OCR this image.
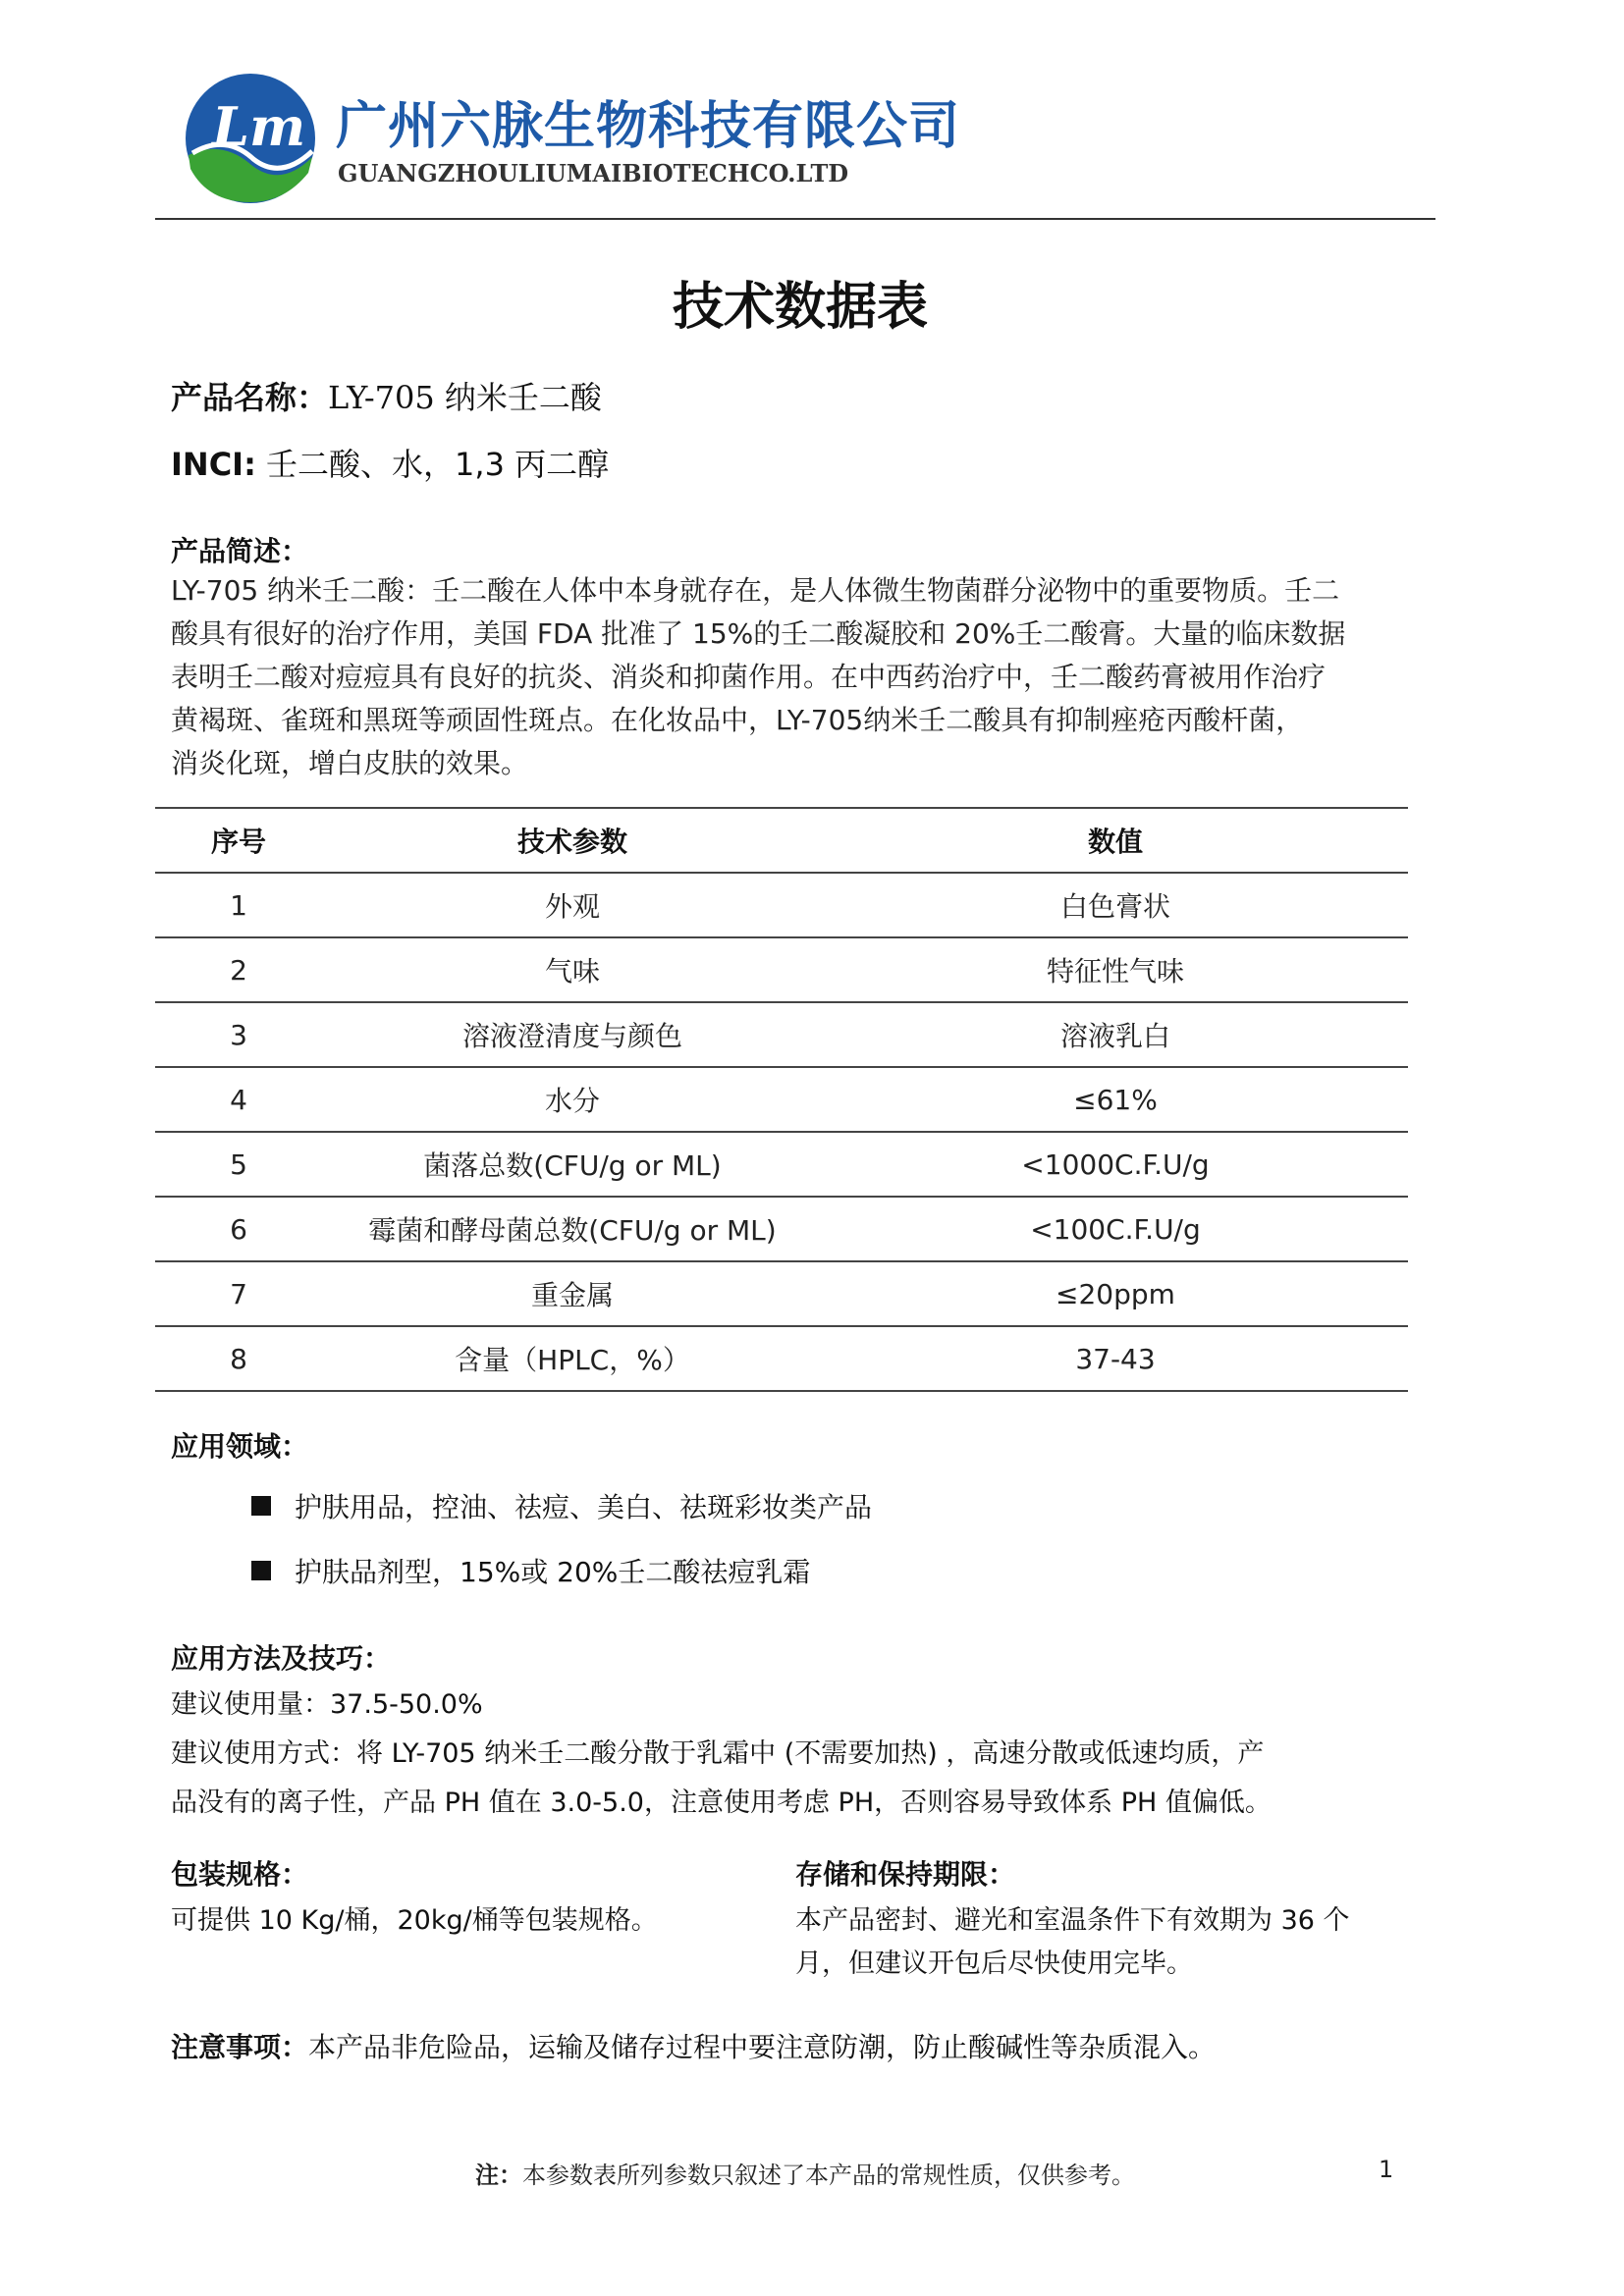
Lm 广州六脉生物科技有限公司
GUANGZHOULIUMAIBIOTECHCO.LTD
技术数据表
产品名称：LY-705 纳米壬二酸
INCI: 壬二酸、水，1,3 丙二醇
产品简述：
LY-705 纳米壬二酸：壬二酸在人体中本身就存在，是人体微生物菌群分泌物中的重要物质。壬二
酸具有很好的治疗作用，美国 FDA 批准了 15%的壬二酸凝胶和 20%壬二酸膏。大量的临床数据
表明壬二酸对痘痘具有良好的抗炎、消炎和抑菌作用。在中西药治疗中，壬二酸药膏被用作治疗
黄褐斑、雀斑和黑斑等顽固性斑点。在化妆品中，LY-705纳米壬二酸具有抑制痤疮丙酸杆菌，
消炎化斑，增白皮肤的效果。
序号	技术参数	数值
1	外观	白色膏状
2	气味	特征性气味
3	溶液澄清度与颜色	溶液乳白
4	水分	≤61%
5	菌落总数(CFU/g or ML)	<1000C.F.U/g
6	霉菌和酵母菌总数(CFU/g or ML)	<100C.F.U/g
7	重金属	≤20ppm
8	含量（HPLC，%）	37-43
应用领域：
护肤用品，控油、祛痘、美白、祛斑彩妆类产品
护肤品剂型，15%或 20%壬二酸祛痘乳霜
应用方法及技巧：
建议使用量：37.5-50.0%
建议使用方式：将 LY-705 纳米壬二酸分散于乳霜中 (不需要加热) ，高速分散或低速均质，产
品没有的离子性，产品 PH 值在 3.0-5.0，注意使用考虑 PH，否则容易导致体系 PH 值偏低。
包装规格：
可提供 10 Kg/桶，20kg/桶等包装规格。
存储和保持期限：
本产品密封、避光和室温条件下有效期为 36 个
月，但建议开包后尽快使用完毕。
注意事项：本产品非危险品，运输及储存过程中要注意防潮，防止酸碱性等杂质混入。
注：本参数表所列参数只叙述了本产品的常规性质，仅供参考。	1
